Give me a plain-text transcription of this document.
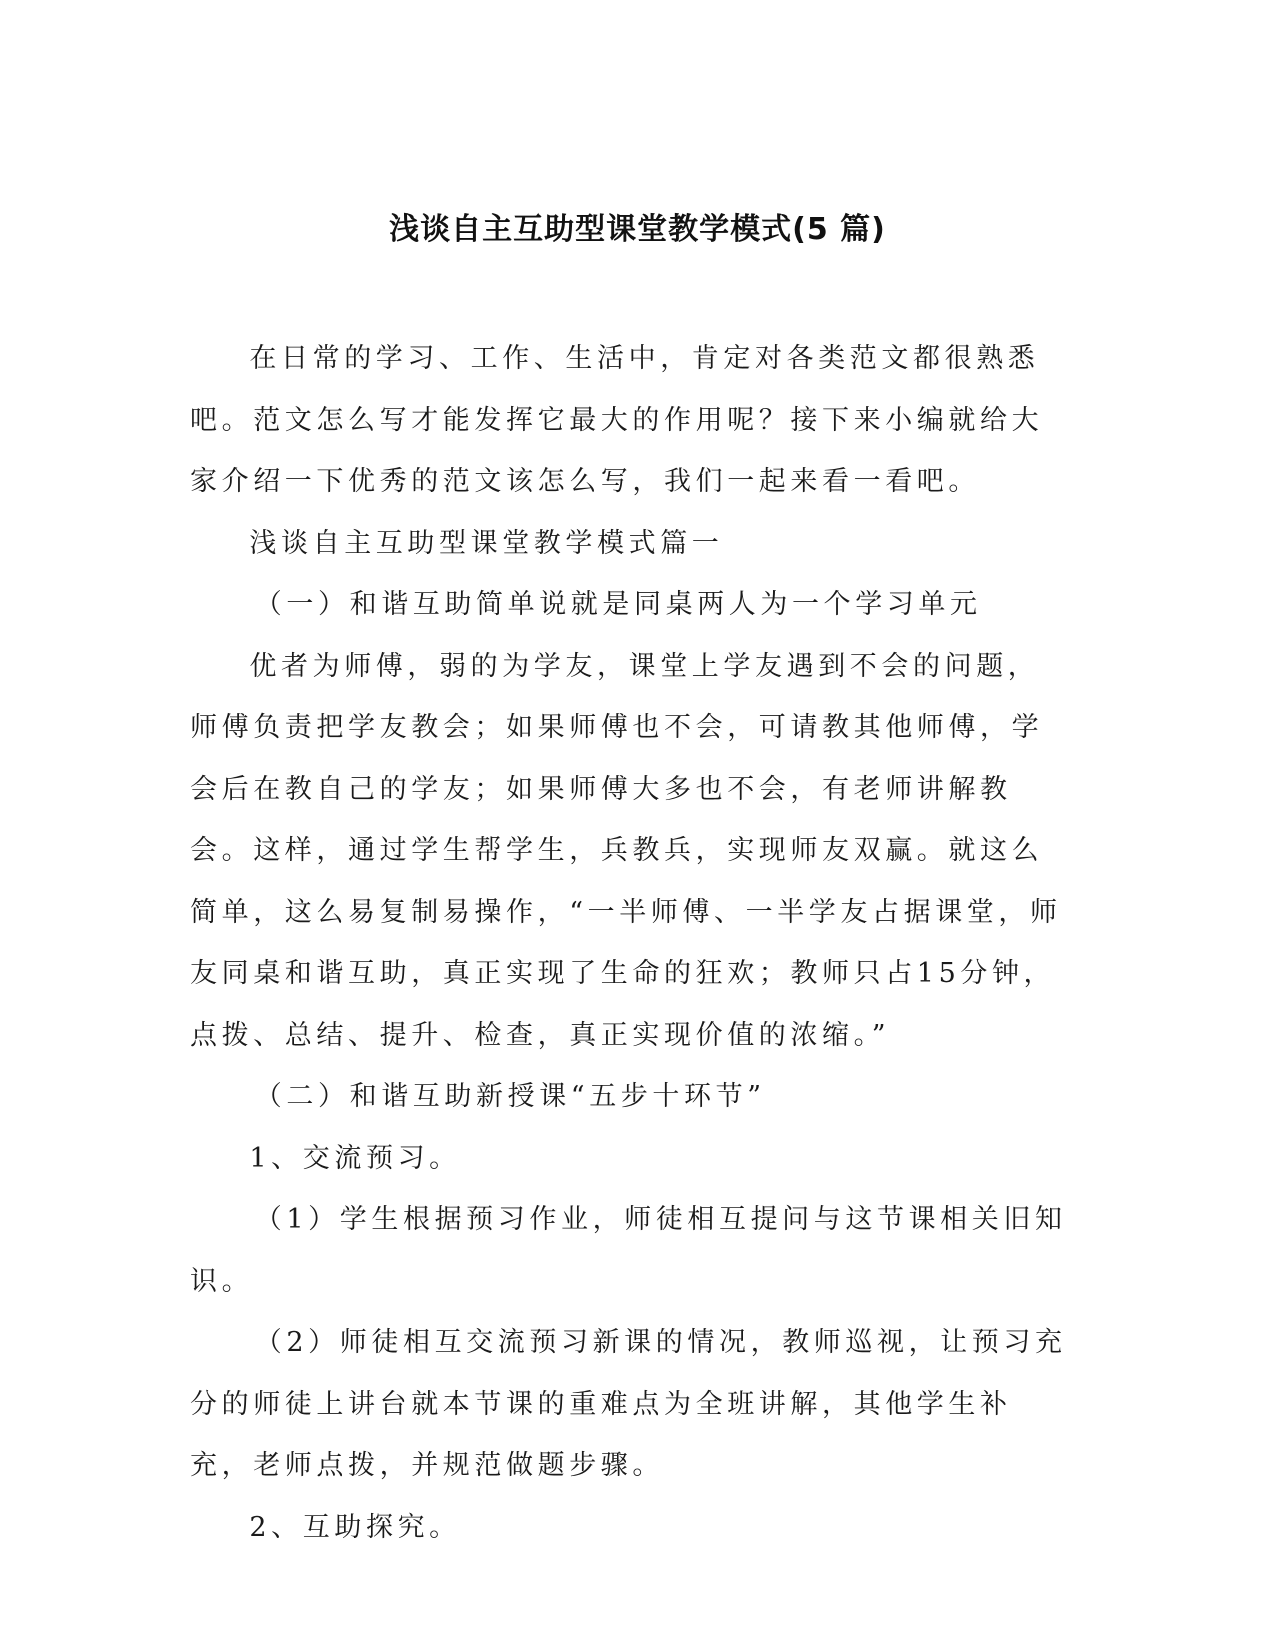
浅谈自主互助型课堂教学模式(5 篇)

在日常的学习、工作、生活中，肯定对各类范文都很熟悉吧。范文怎么写才能发挥它最大的作用呢？接下来小编就给大家介绍一下优秀的范文该怎么写，我们一起来看一看吧。

浅谈自主互助型课堂教学模式篇一

（一）和谐互助简单说就是同桌两人为一个学习单元

优者为师傅，弱的为学友，课堂上学友遇到不会的问题，师傅负责把学友教会；如果师傅也不会，可请教其他师傅，学会后在教自己的学友；如果师傅大多也不会，有老师讲解教会。这样，通过学生帮学生，兵教兵，实现师友双赢。就这么简单，这么易复制易操作，“一半师傅、一半学友占据课堂，师友同桌和谐互助，真正实现了生命的狂欢；教师只占15分钟，点拨、总结、提升、检查，真正实现价值的浓缩。”

（二）和谐互助新授课“五步十环节”

1、交流预习。

（1）学生根据预习作业，师徒相互提问与这节课相关旧知识。

（2）师徒相互交流预习新课的情况，教师巡视，让预习充分的师徒上讲台就本节课的重难点为全班讲解，其他学生补充，老师点拨，并规范做题步骤。

2、互助探究。
